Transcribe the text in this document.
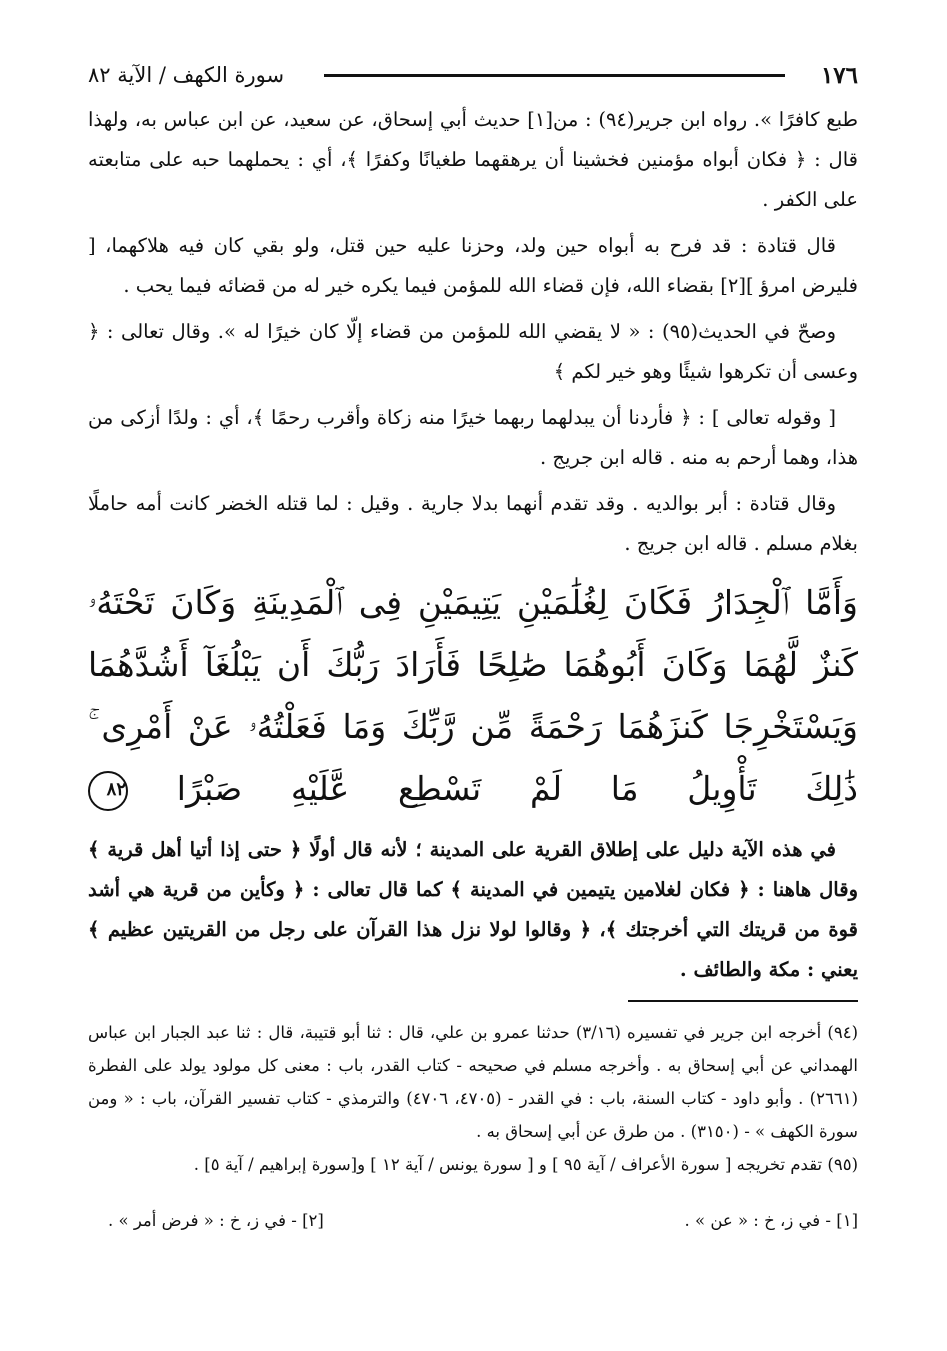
١٧٦
سورة الكهف / الآية ٨٢

طبع كافرًا ». رواه ابن جرير(٩٤) : من[١] حديث أبي إسحاق، عن سعيد، عن ابن عباس به، ولهذا قال : ﴿ فكان أبواه مؤمنين فخشينا أن يرهقهما طغيانًا وكفرًا ﴾، أي : يحملهما حبه على متابعته على الكفر .

قال قتادة : قد فرح به أبواه حين ولد، وحزنا عليه حين قتل، ولو بقي كان فيه هلاكهما، [ فليرض امرؤ ][٢] بقضاء الله، فإن قضاء الله للمؤمن فيما يكره خير له من قضائه فيما يحب .

وصحّ في الحديث(٩٥) : « لا يقضي الله للمؤمن من قضاء إلّا كان خيرًا له ». وقال تعالى : ﴿ وعسى أن تكرهوا شيئًا وهو خير لكم ﴾

[ وقوله تعالى ] : ﴿ فأردنا أن يبدلهما ربهما خيرًا منه زكاة وأقرب رحمًا ﴾، أي : ولدًا أزكى من هذا، وهما أرحم به منه . قاله ابن جريج .

وقال قتادة : أبر بوالديه . وقد تقدم أنهما بدلا جارية . وقيل : لما قتله الخضر كانت أمه حاملًا بغلام مسلم . قاله ابن جريج .

وَأَمَّا ٱلْجِدَارُ فَكَانَ لِغُلَٰمَيْنِ يَتِيمَيْنِ فِى ٱلْمَدِينَةِ وَكَانَ تَحْتَهُۥ كَنزٌ لَّهُمَا وَكَانَ أَبُوهُمَا صَٰلِحًا فَأَرَادَ رَبُّكَ أَن يَبْلُغَآ أَشُدَّهُمَا وَيَسْتَخْرِجَا كَنزَهُمَا رَحْمَةً مِّن رَّبِّكَ وَمَا فَعَلْتُهُۥ عَنْ أَمْرِى ۚ ذَٰلِكَ تَأْوِيلُ مَا لَمْ تَسْطِع عَّلَيْهِ صَبْرًا ٨٢

في هذه الآية دليل على إطلاق القرية على المدينة ؛ لأنه قال أولًا ﴿ حتى إذا أتيا أهل قرية ﴾ وقال هاهنا : ﴿ فكان لغلامين يتيمين في المدينة ﴾ كما قال تعالى : ﴿ وكأين من قرية هي أشد قوة من قريتك التي أخرجتك ﴾، ﴿ وقالوا لولا نزل هذا القرآن على رجل من القريتين عظيم ﴾ يعني : مكة والطائف .

(٩٤) أخرجه ابن جرير في تفسيره (٣/١٦) حدثنا عمرو بن علي، قال : ثنا أبو قتيبة، قال : ثنا عبد الجبار ابن عباس الهمداني عن أبي إسحاق به . وأخرجه مسلم في صحيحه - كتاب القدر، باب : معنى كل مولود يولد على الفطرة (٢٦٦١) . وأبو داود - كتاب السنة، باب : في القدر - (٤٧٠٥، ٤٧٠٦) والترمذي - كتاب تفسير القرآن، باب : « ومن سورة الكهف » - (٣١٥٠) . من طرق عن أبي إسحاق به .

(٩٥) تقدم تخريجه [ سورة الأعراف / آية ٩٥ ] و [ سورة يونس / آية ١٢ ] و[سورة إبراهيم / آية ٥] .

[١] - في ز، خ : « عن » .
[٢] - في ز، خ : « فرض أمر » .
